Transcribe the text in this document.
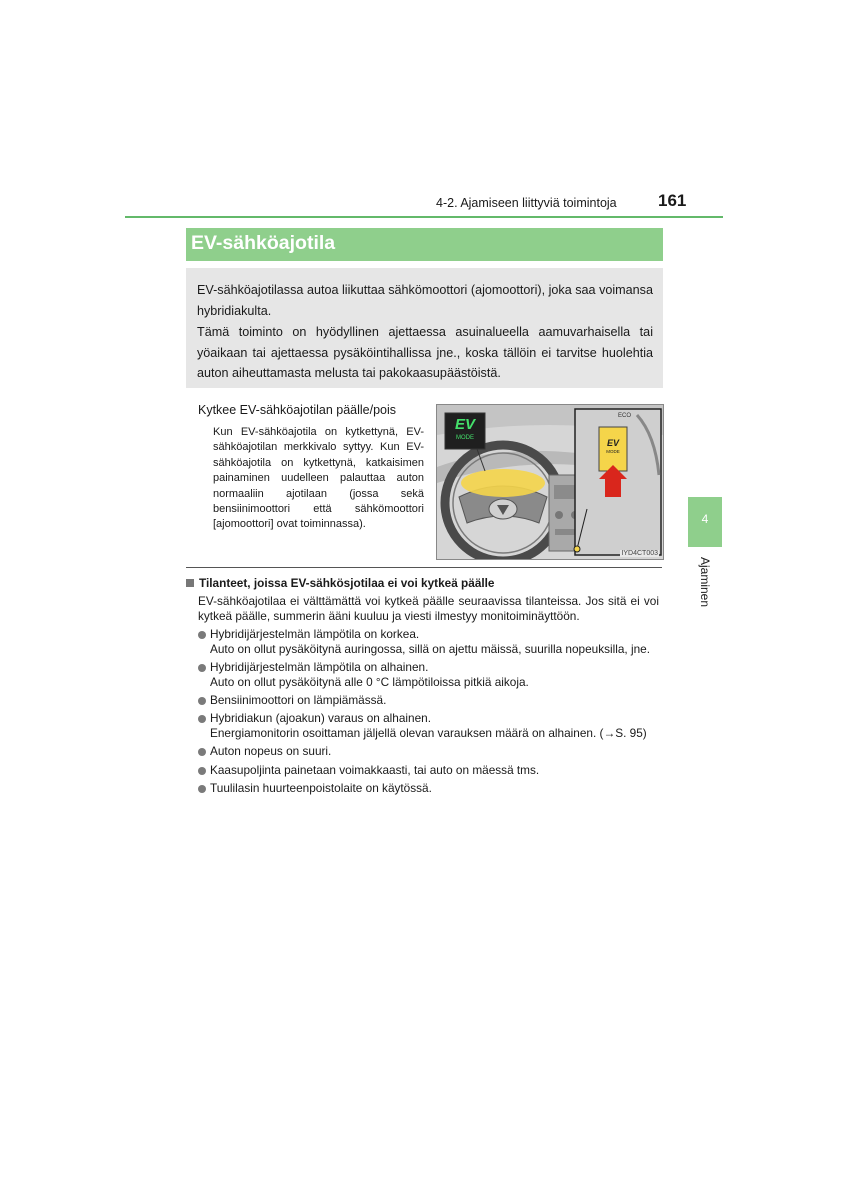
4-2. Ajamiseen liittyviä toimintoja 161
EV-sähköajotila

EV-sähköajotilassa autoa liikuttaa sähkömoottori (ajomoottori), joka saa voimansa hybridiakulta.

Tämä toiminto on hyödyllinen ajettaessa asuinalueella aamuvarhaisella tai yöaikaan tai ajettaessa pysäköintihallissa jne., koska tällöin ei tarvitse huolehtia auton aiheuttamasta melusta tai pakokaasupäästöistä.

Kytkee EV-sähköajotilan päälle/pois

Kun EV-sähköajotila on kytkettynä, EV-sähköajotilan merkkivalo syttyy. Kun EV-sähköajotila on kytkettynä, katkaisimen painaminen uudelleen palauttaa auton normaaliin ajotilaan (jossa sekä bensiinimoottori että sähkömoottori [ajomoottori] ovat toiminnassa).

EV
MODE	EV
MODE
ECO
IYD4CT003
Tilanteet, joissa EV-sähkösjotilaa ei voi kytkeä päälle

EV-sähköajotilaa ei välttämättä voi kytkeä päälle seuraavissa tilanteissa. Jos sitä ei voi kytkeä päälle, summerin ääni kuuluu ja viesti ilmestyy monitoiminäyttöön.

Hybridijärjestelmän lämpötila on korkea.
Auto on ollut pysäköitynä auringossa, sillä on ajettu mäissä, suurilla nopeuksilla, jne.
Hybridijärjestelmän lämpötila on alhainen.
Auto on ollut pysäköitynä alle 0 °C lämpötiloissa pitkiä aikoja.
Bensiinimoottori on lämpiämässä.
Hybridiakun (ajoakun) varaus on alhainen.
Energiamonitorin osoittaman jäljellä olevan varauksen määrä on alhainen. (→S. 95)
Auton nopeus on suuri.
Kaasupoljinta painetaan voimakkaasti, tai auto on mäessä tms.
Tuulilasin huurteenpoistolaite on käytössä.
4
Ajaminen
